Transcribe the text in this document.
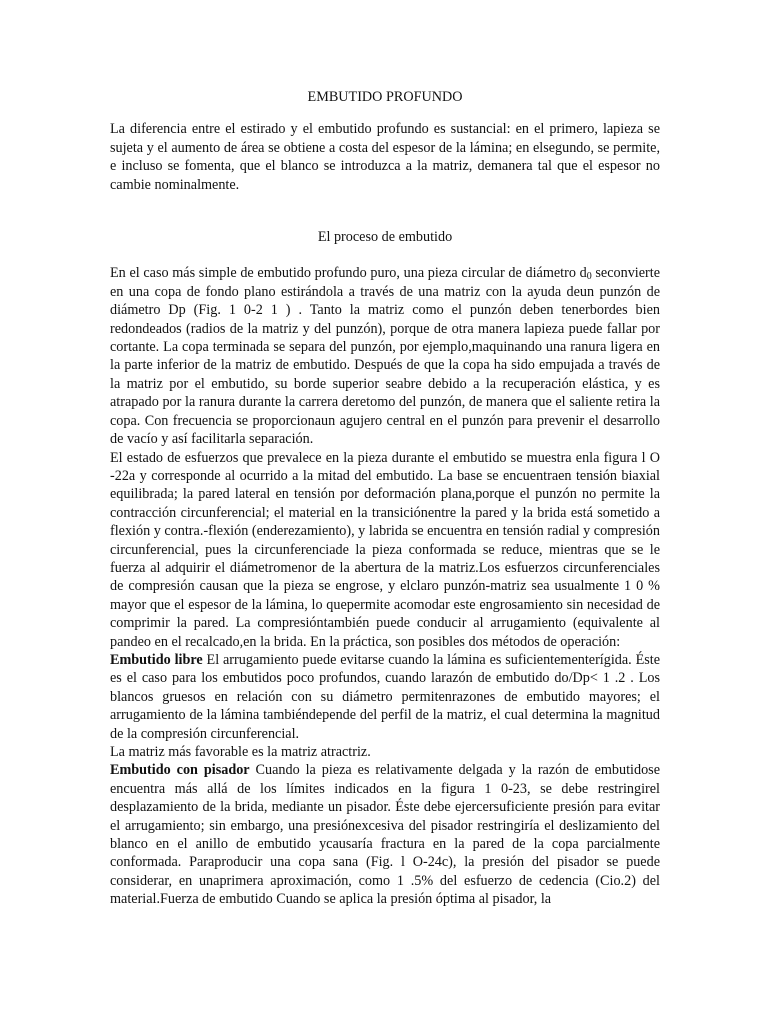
EMBUTIDO PROFUNDO

La diferencia entre el estirado y el embutido profundo es sustancial: en el primero, lapieza se sujeta y el aumento de área se obtiene a costa del espesor de la lámina; en elsegundo, se permite, e incluso se fomenta, que el blanco se introduzca a la matriz, demanera tal que el espesor no cambie nominalmente.

El proceso de embutido

En el caso más simple de embutido profundo puro, una pieza circular de diámetro $d_0$ seconvierte en una copa de fondo plano estirándola a través de una matriz con la ayuda deun punzón de diámetro Dp (Fig. 1 0-2 1 ) . Tanto la matriz como el punzón deben tenerbordes bien redondeados (radios de la matriz y del punzón), porque de otra manera lapieza puede fallar por cortante. La copa terminada se separa del punzón, por ejemplo,maquinando una ranura ligera en la parte inferior de la matriz de embutido. Después de que la copa ha sido empujada a través de la matriz por el embutido, su borde superior seabre debido a la recuperación elástica, y es atrapado por la ranura durante la carrera deretomo del punzón, de manera que el saliente retira la copa. Con frecuencia se proporcionaun agujero central en el punzón para prevenir el desarrollo de vacío y así facilitarla separación.

El estado de esfuerzos que prevalece en la pieza durante el embutido se muestra enla figura l O -22a y corresponde al ocurrido a la mitad del embutido. La base se encuentraen tensión biaxial equilibrada; la pared lateral en tensión por deformación plana,porque el punzón no permite la contracción circunferencial; el material en la transiciónentre la pared y la brida está sometido a flexión y contra.-flexión (enderezamiento), y labrida se encuentra en tensión radial y compresión circunferencial, pues la circunferenciade la pieza conformada se reduce, mientras que se le fuerza al adquirir el diámetromenor de la abertura de la matriz.Los esfuerzos circunferenciales de compresión causan que la pieza se engrose, y elclaro punzón-matriz sea usualmente 1 0 % mayor que el espesor de la lámina, lo quepermite acomodar este engrosamiento sin necesidad de comprimir la pared. La compresióntambién puede conducir al arrugamiento (equivalente al pandeo en el recalcado,en la brida. En la práctica, son posibles dos métodos de operación:

Embutido libre El arrugamiento puede evitarse cuando la lámina es suficientementerígida. Éste es el caso para los embutidos poco profundos, cuando larazón de embutido do/Dp< 1 .2 . Los blancos gruesos en relación con su diámetro permitenrazones de embutido mayores; el arrugamiento de la lámina tambiéndepende del perfil de la matriz, el cual determina la magnitud de la compresión circunferencial.

La matriz más favorable es la matriz atractriz.

Embutido con pisador Cuando la pieza es relativamente delgada y la razón de embutidose encuentra más allá de los límites indicados en la figura 1 0-23, se debe restringirel desplazamiento de la brida, mediante un pisador. Éste debe ejercersuficiente presión para evitar el arrugamiento; sin embargo, una presiónexcesiva del pisador restringiría el deslizamiento del blanco en el anillo de embutido ycausaría fractura en la pared de la copa parcialmente conformada. Paraproducir una copa sana (Fig. l O-24c), la presión del pisador se puede considerar, en unaprimera aproximación, como 1 .5% del esfuerzo de cedencia (Cio.2) del material.Fuerza de embutido Cuando se aplica la presión óptima al pisador, la
